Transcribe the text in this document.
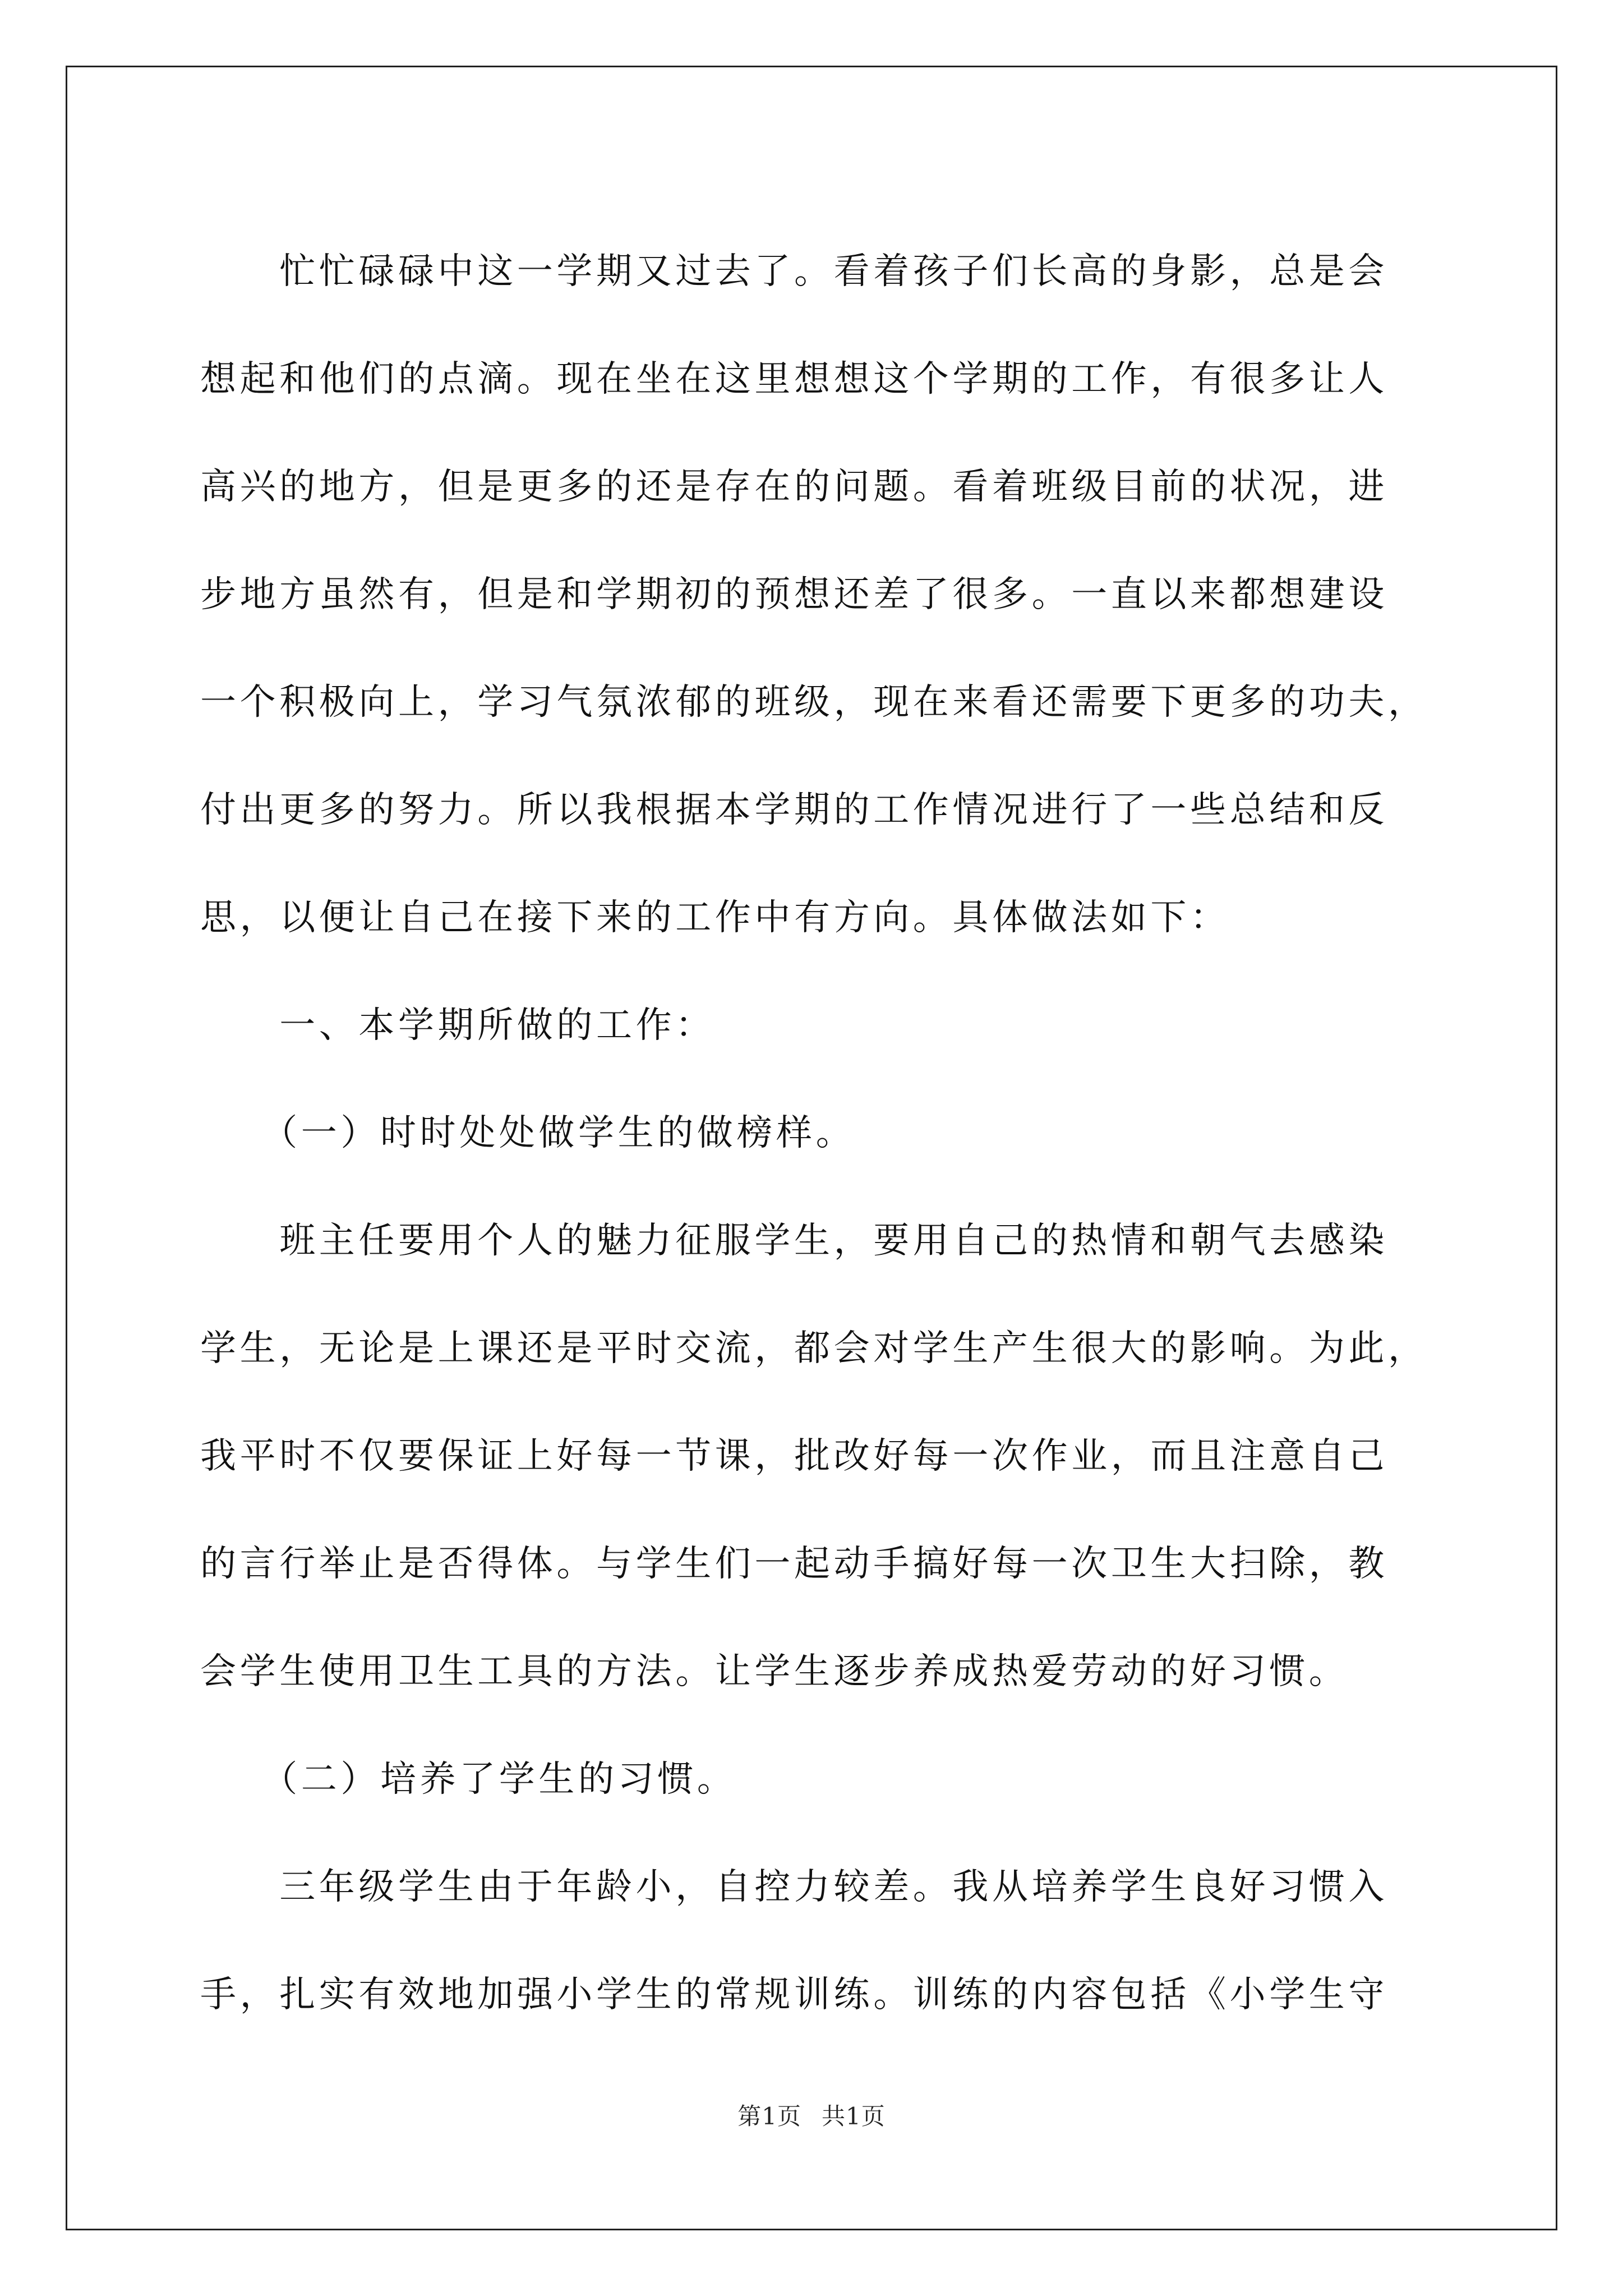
　　忙忙碌碌中这一学期又过去了。看着孩子们长高的身影，总是会

想起和他们的点滴。现在坐在这里想想这个学期的工作，有很多让人

高兴的地方，但是更多的还是存在的问题。看着班级目前的状况，进

步地方虽然有，但是和学期初的预想还差了很多。一直以来都想建设

一个积极向上，学习气氛浓郁的班级，现在来看还需要下更多的功夫，

付出更多的努力。所以我根据本学期的工作情况进行了一些总结和反

思，以便让自己在接下来的工作中有方向。具体做法如下：

　　一、本学期所做的工作：

　　（一）时时处处做学生的做榜样。

　　班主任要用个人的魅力征服学生，要用自己的热情和朝气去感染

学生，无论是上课还是平时交流，都会对学生产生很大的影响。为此，

我平时不仅要保证上好每一节课，批改好每一次作业，而且注意自己

的言行举止是否得体。与学生们一起动手搞好每一次卫生大扫除，教

会学生使用卫生工具的方法。让学生逐步养成热爱劳动的好习惯。

　　（二）培养了学生的习惯。

　　三年级学生由于年龄小，自控力较差。我从培养学生良好习惯入

手，扎实有效地加强小学生的常规训练。训练的内容包括《小学生守

第1页 共1页
